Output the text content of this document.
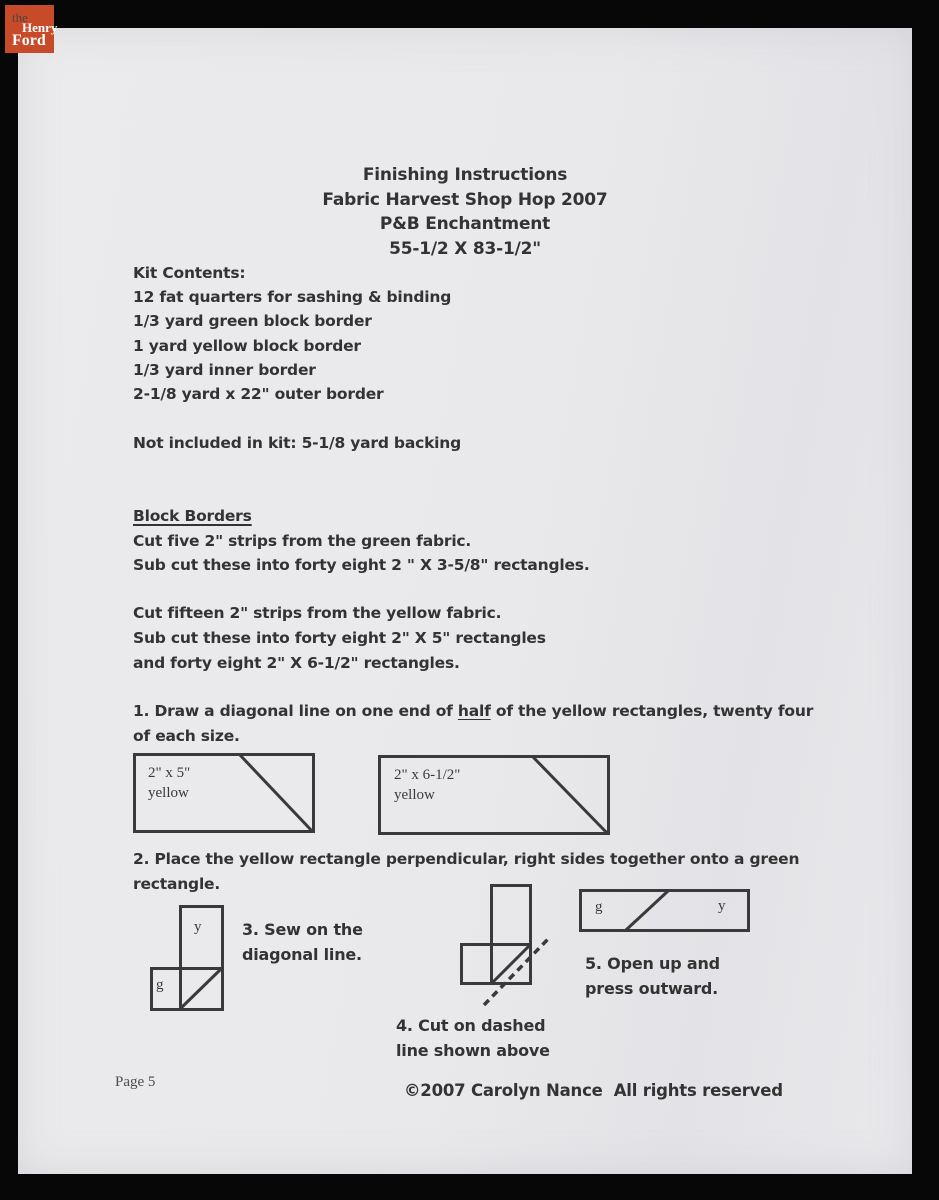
Finishing Instructions
Fabric Harvest Shop Hop 2007
P&B Enchantment
55-1/2 X 83-1/2"
Kit Contents:
12 fat quarters for sashing & binding
1/3 yard green block border
1 yard yellow block border
1/3 yard inner border
2-1/8 yard x 22" outer border
Not included in kit: 5-1/8 yard backing
Block Borders
Cut five 2" strips from the green fabric.
Sub cut these into forty eight 2 " X 3-5/8" rectangles.
Cut fifteen 2" strips from the yellow fabric.
Sub cut these into forty eight 2" X 5" rectangles
and forty eight 2" X 6-1/2" rectangles.
1. Draw a diagonal line on one end of half of the yellow rectangles, twenty four
of each size.
2" x 5"
yellow
2" x 6-1/2"
yellow
2. Place the yellow rectangle perpendicular, right sides together onto a green
rectangle.
y
g
3. Sew on the
diagonal line.
4. Cut on dashed
line shown above
g	y
5. Open up and
press outward.
Page 5	©2007 Carolyn Nance  All rights reserved
the
Henry
Ford
